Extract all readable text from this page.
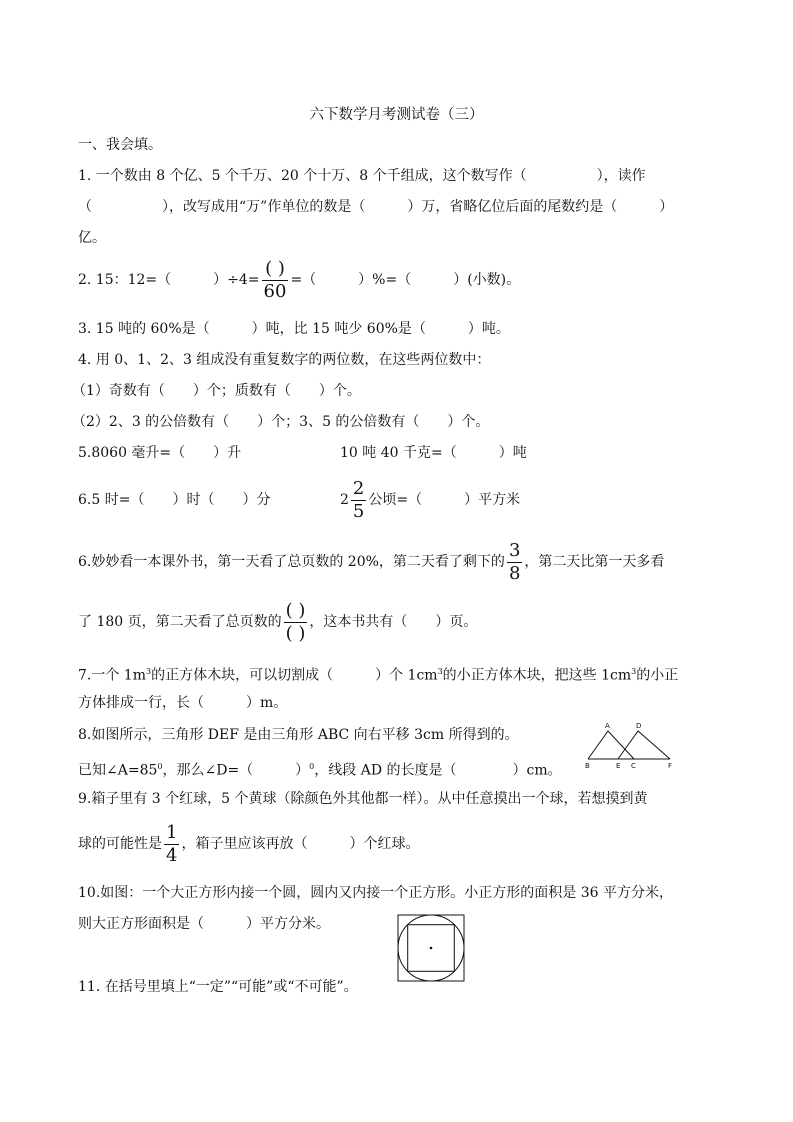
六下数学月考测试卷（三）
一、我会填。
1. 一个数由 8 个亿、5 个千万、20 个十万、8 个千组成，这个数写作（　　　　　），读作
（　　　　　），改写成用“万”作单位的数是（　　　）万，省略亿位后面的尾数约是（　　　）
亿。
2. 15：12=（　　　）$\div 4= \frac{( )}{60}$ =（　　　）%=（　　　）(小数)。
3. 15 吨的 60%是（　　　）吨，比 15 吨少 60%是（　　　）吨。
4. 用 0、1、2、3 组成没有重复数字的两位数，在这些两位数中：
（1）奇数有（　　）个；质数有（　　）个。
（2）2、3 的公倍数有（　　）个；3、5 的公倍数有（　　）个。
5.8060 毫升=（　　）升	10 吨 40 千克=（　　　）吨
6.5 时=（　　）时（　　）分	$2 \frac{2}{5}$ 公顷=（　　　）平方米
6.妙妙看一本课外书，第一天看了总页数的 20%，第二天看了剩下的 $\frac{3}{8}$ ，第二天比第一天多看
了 180 页，第二天看了总页数的 $\frac{( )}{( )}$ ，这本书共有（　　）页。
7.一个 $1m^3$的正方体木块，可以切割成（　　　）个 $1cm^3$的小正方体木块，把这些 $1cm^3$的小正
方体排成一行，长（　　　）m。
8.如图所示，三角形 DEF 是由三角形 ABC 向右平移 3cm 所得到的。
已知$\angle A=85^0$，那么∠D=（　　　）$^0$，线段 AD 的长度是（　　　　）cm。
A	D
B	E C	F
9.箱子里有 3 个红球，5 个黄球（除颜色外其他都一样）。从中任意摸出一个球，若想摸到黄
球的可能性是 $\frac{1}{4}$ ，箱子里应该再放（　　　）个红球。
10.如图：一个大正方形内接一个圆，圆内又内接一个正方形。小正方形的面积是 36 平方分米，
则大正方形面积是（　　　）平方分米。
11. 在括号里填上“一定”“可能”或“不可能”。
